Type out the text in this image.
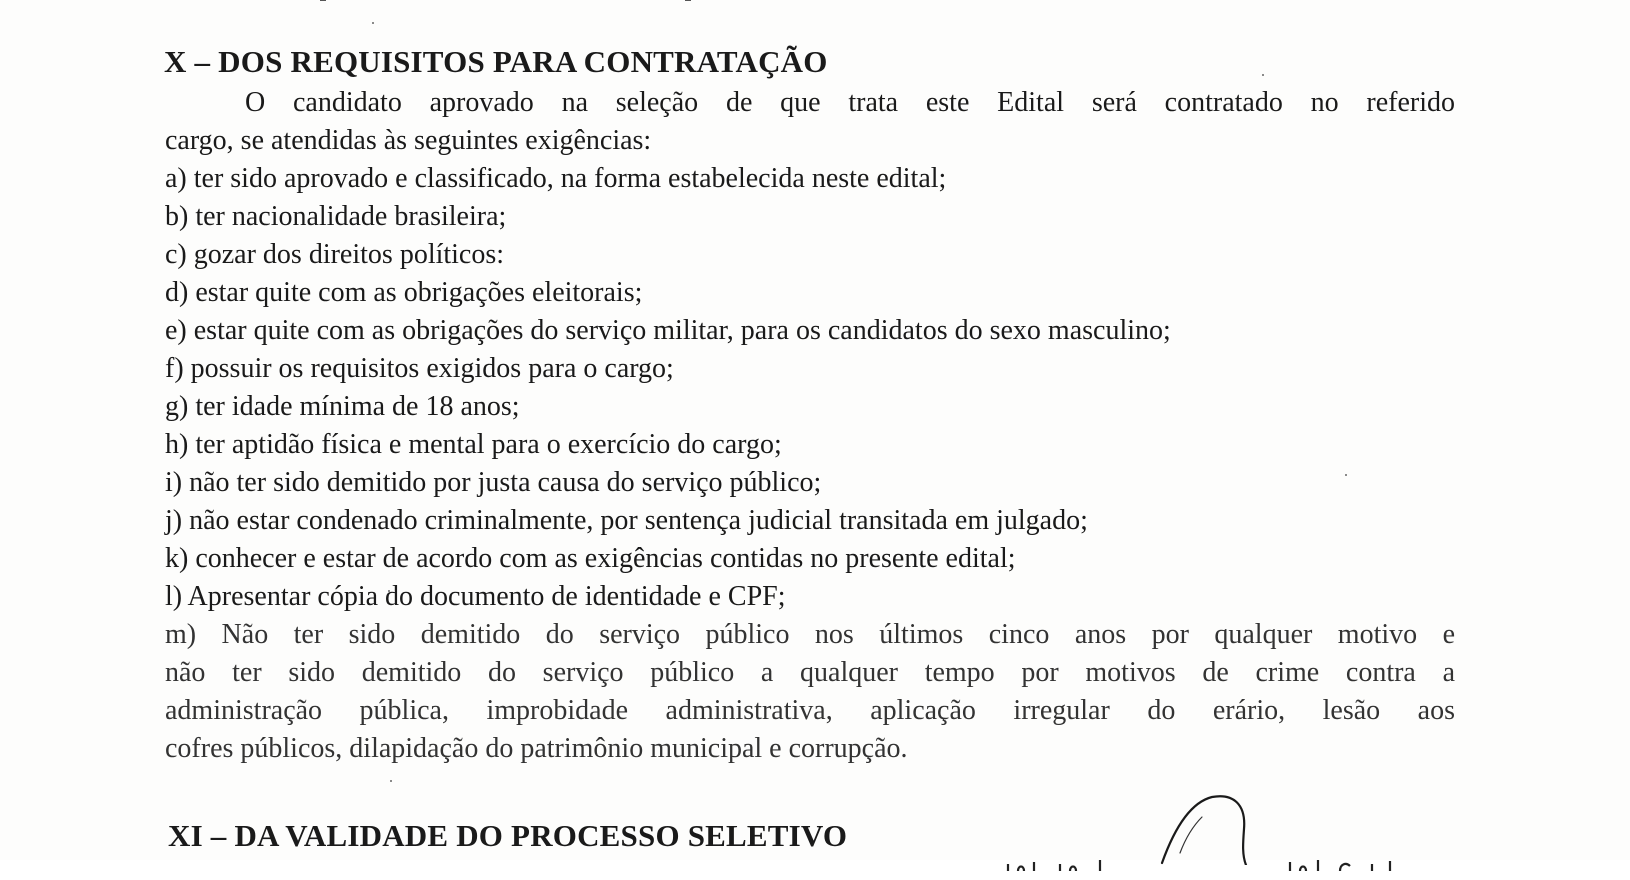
X – DOS REQUISITOS PARA CONTRATAÇÃO
O candidato aprovado na seleção de que trata este Edital será contratado no referido
cargo, se atendidas às seguintes exigências:
a) ter sido aprovado e classificado, na forma estabelecida neste edital;
b) ter nacionalidade brasileira;
c) gozar dos direitos políticos:
d) estar quite com as obrigações eleitorais;
e) estar quite com as obrigações do serviço militar, para os candidatos do sexo masculino;
f) possuir os requisitos exigidos para o cargo;
g) ter idade mínima de 18 anos;
h) ter aptidão física e mental para o exercício do cargo;
i) não ter sido demitido por justa causa do serviço público;
j) não estar condenado criminalmente, por sentença judicial transitada em julgado;
k) conhecer e estar de acordo com as exigências contidas no presente edital;
l) Apresentar cópia do documento de identidade e CPF;
m) Não ter sido demitido do serviço público nos últimos cinco anos por qualquer motivo e
não ter sido demitido do serviço público a qualquer tempo por motivos de crime contra a
administração pública, improbidade administrativa, aplicação irregular do erário, lesão aos
cofres públicos, dilapidação do patrimônio municipal e corrupção.
XI – DA VALIDADE DO PROCESSO SELETIVO
